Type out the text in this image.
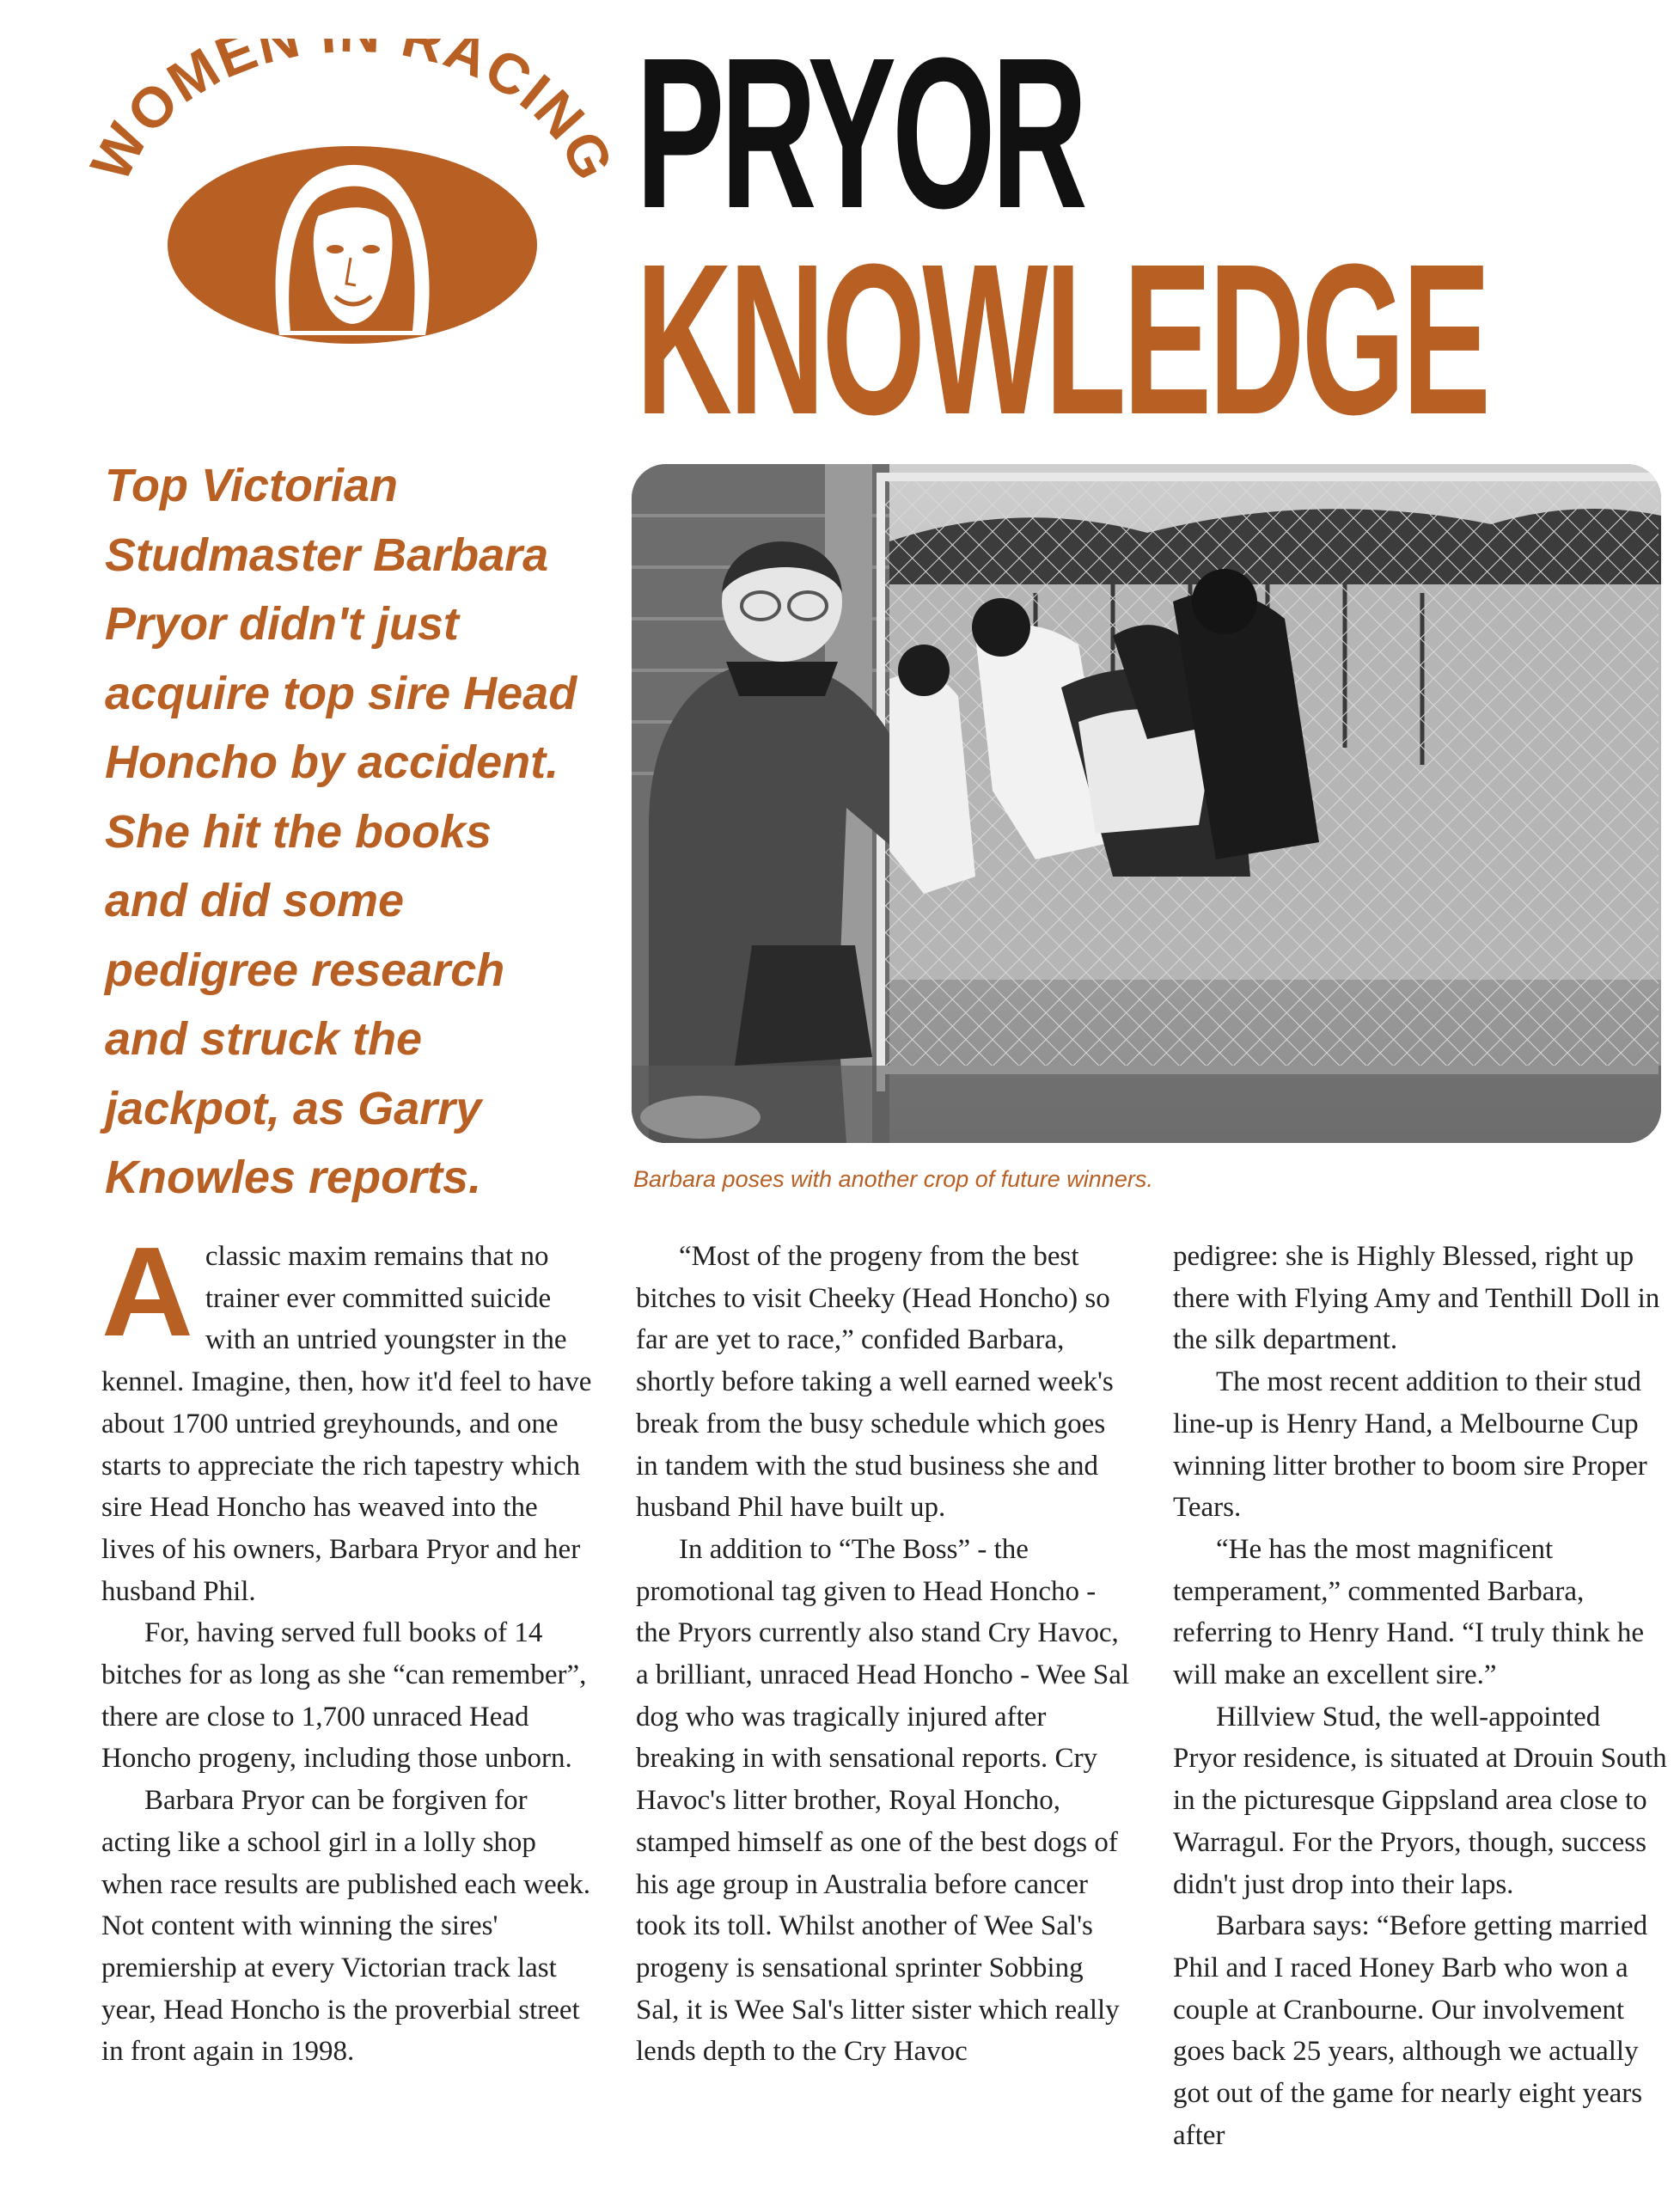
WOMEN RACIN PRYOR
KNOWLEDGE

Top Victorian Studmaster Barbara Pryor didn't just acquire top sire Head Honcho by accident. She hit the books and did some pedigree research and struck the jackpot, as Garry Knowles reports.	Barbara poses with another crop of future winners.

Aclassic maxim remains that no trainer ever committed suicide with an untried youngster in the kennel. Imagine, then, how it'd feel to have about 1700 untried greyhounds, and one starts to appreciate the rich tapestry which sire Head Honcho has weaved into the lives of his owners, Barbara Pryor and her husband Phil.

For, having served full books of 14 bitches for as long as she “can remember”, there are close to 1,700 unraced Head Honcho progeny, including those unborn.

Barbara Pryor can be forgiven for acting like a school girl in a lolly shop when race results are published each week. Not content with winning the sires' premiership at every Victorian track last year, Head Honcho is the proverbial street in front again in 1998.

“Most of the progeny from the best bitches to visit Cheeky (Head Honcho) so far are yet to race,” confided Barbara, shortly before taking a well earned week's break from the busy schedule which goes in tandem with the stud business she and husband Phil have built up.

In addition to “The Boss” - the promotional tag given to Head Honcho - the Pryors currently also stand Cry Havoc, a brilliant, unraced Head Honcho - Wee Sal dog who was tragically injured after breaking in with sensational reports. Cry Havoc's litter brother, Royal Honcho, stamped himself as one of the best dogs of his age group in Australia before cancer took its toll. Whilst another of Wee Sal's progeny is sensational sprinter Sobbing Sal, it is Wee Sal's litter sister which really lends depth to the Cry Havoc

pedigree: she is Highly Blessed, right up there with Flying Amy and Tenthill Doll in the silk department.

The most recent addition to their stud line-up is Henry Hand, a Melbourne Cup winning litter brother to boom sire Proper Tears.

“He has the most magnificent temperament,” commented Barbara, referring to Henry Hand. “I truly think he will make an excellent sire.”

Hillview Stud, the well-appointed Pryor residence, is situated at Drouin South in the picturesque Gippsland area close to Warragul. For the Pryors, though, success didn't just drop into their laps.

Barbara says: “Before getting married Phil and I raced Honey Barb who won a couple at Cranbourne. Our involvement goes back 25 years, although we actually got out of the game for nearly eight years after
